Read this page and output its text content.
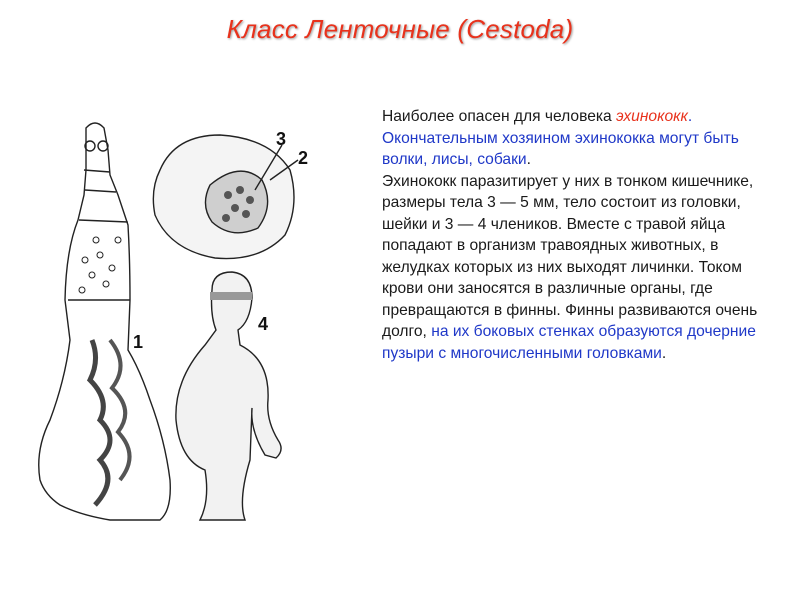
Класс Ленточные (Cestoda)
1
2
3
4

Наиболее опасен для человека эхинококк. Окончательным хозяином эхинококка могут быть волки, лисы, собаки.

Эхинококк паразитирует у них в тонком кишечнике, размеры тела 3 — 5 мм, тело состоит из головки, шейки и 3 — 4 члеников. Вместе с травой яйца попадают в организм травоядных животных, в желудках которых из них выходят личинки. Током крови они заносятся в различные органы, где превращаются в финны. Финны развиваются очень долго, на их боковых стенках образуются дочерние пузыри с многочисленными головками.
